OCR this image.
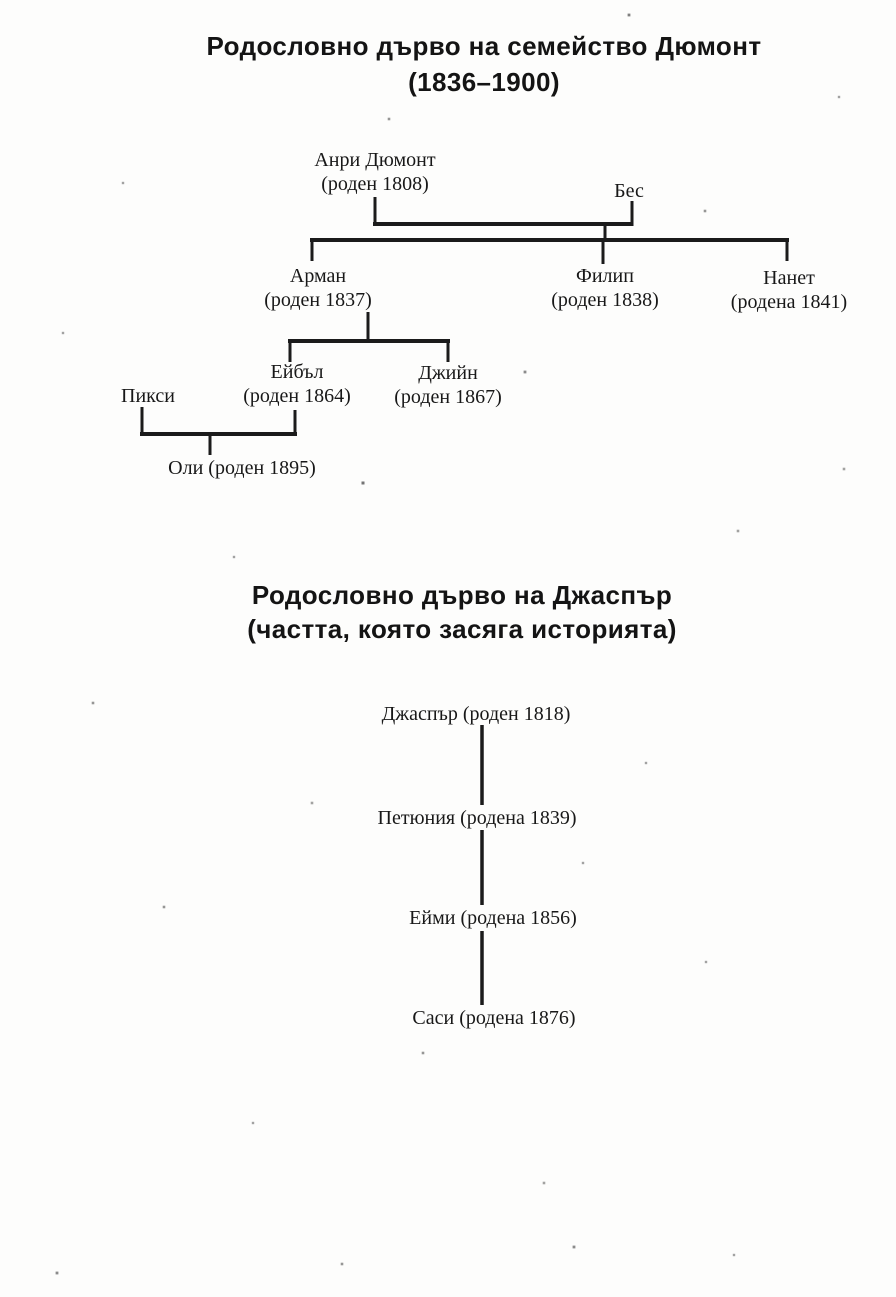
Родословно дърво на семейство Дюмонт
(1836–1900)
Анри Дюмонт
(роден 1808)	Бес
Арман
(роден 1837)
Филип
(роден 1838)
Нанет
(родена 1841)
Ейбъл
(роден 1864)
Джийн
(роден 1867)
Пикси
Оли (роден 1895)
Родословно дърво на Джаспър
(частта, която засяга историята)
Джаспър (роден 1818)
Петюния (родена 1839)
Ейми (родена 1856)
Саси (родена 1876)
